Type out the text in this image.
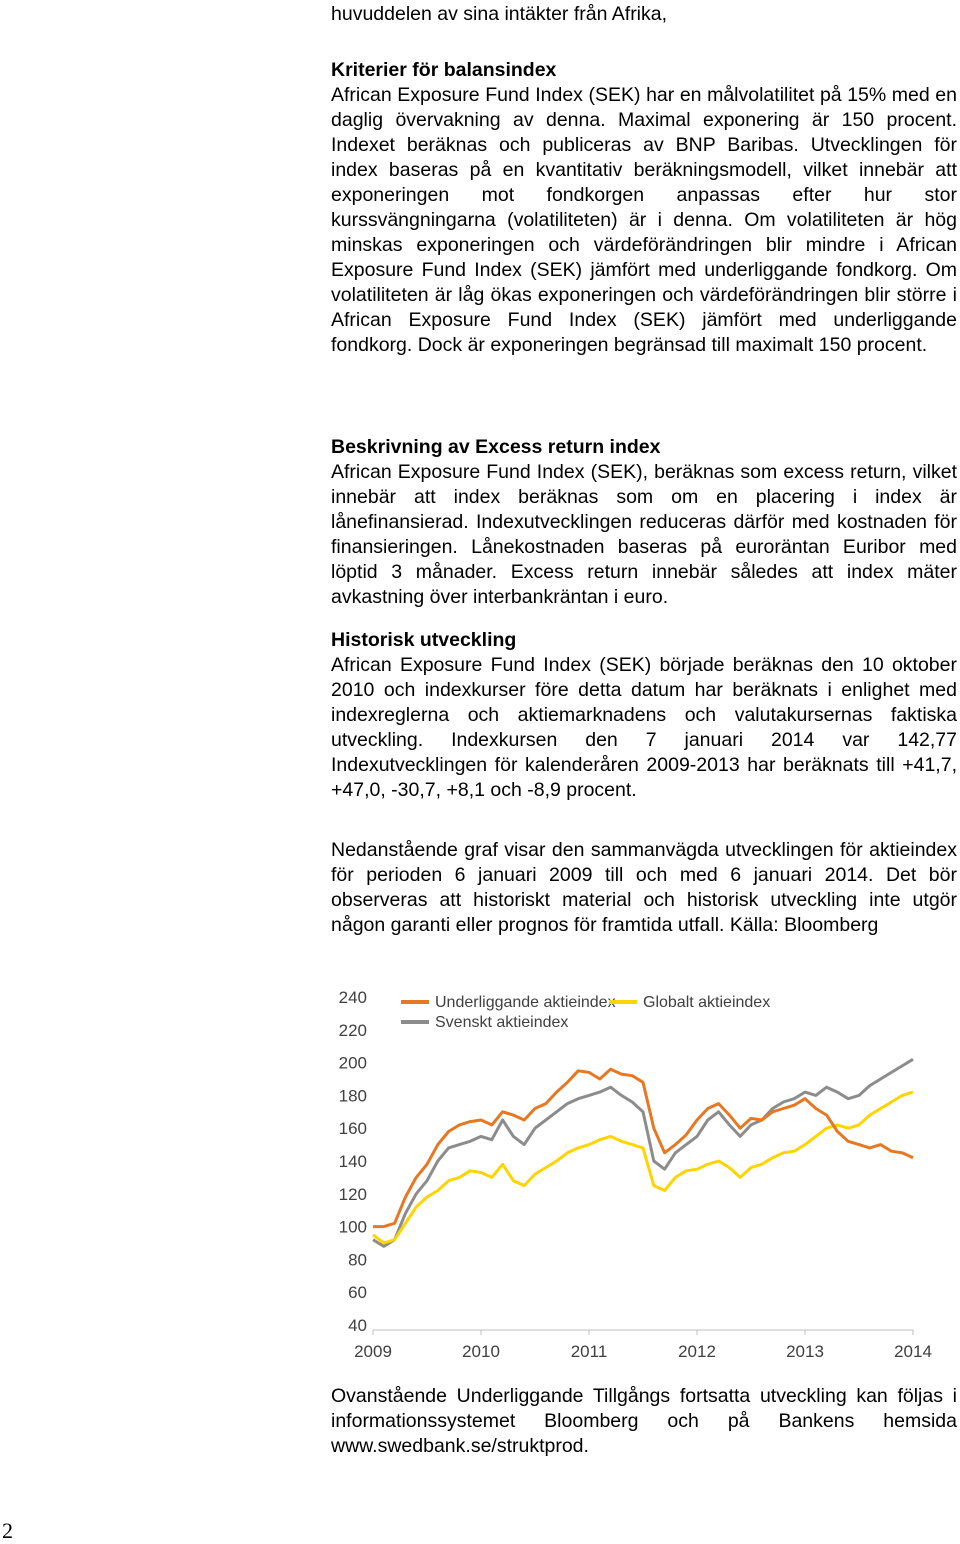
huvuddelen av sina intäkter från Afrika,

Kriterier för balansindex

African Exposure Fund Index (SEK) har en målvolatilitet på 15% med en daglig övervakning av denna. Maximal exponering är 150 procent. Indexet beräknas och publiceras av BNP Baribas. Utvecklingen för index baseras på en kvantitativ beräkningsmodell, vilket innebär att exponeringen mot fondkorgen anpassas efter hur stor kurssvängningarna (volatiliteten) är i denna. Om volatiliteten är hög minskas exponeringen och värdeförändringen blir mindre i African Exposure Fund Index (SEK) jämfört med underliggande fondkorg. Om volatiliteten är låg ökas exponeringen och värdeförändringen blir större i African Exposure Fund Index (SEK) jämfört med underliggande fondkorg. Dock är exponeringen begränsad till maximalt 150 procent.

Beskrivning av Excess return index

African Exposure Fund Index (SEK), beräknas som excess return, vilket innebär att index beräknas som om en placering i index är lånefinansierad. Indexutvecklingen reduceras därför med kostnaden för finansieringen. Lånekostnaden baseras på euroräntan Euribor med löptid 3 månader. Excess return innebär således att index mäter avkastning över interbankräntan i euro.

Historisk utveckling

African Exposure Fund Index (SEK) började beräknas den 10 oktober 2010 och indexkurser före detta datum har beräknats i enlighet med indexreglerna och aktiemarknadens och valutakursernas faktiska utveckling. Indexkursen den 7 januari 2014 var 142,77 Indexutvecklingen för kalenderåren 2009-2013 har beräknats till +41,7, +47,0, -30,7, +8,1 och -8,9 procent.

Nedanstående graf visar den sammanvägda utvecklingen för aktieindex för perioden 6 januari 2009 till och med 6 januari 2014. Det bör observeras att historiskt material och historisk utveckling inte utgör någon garanti eller prognos för framtida utfall. Källa: Bloomberg

240
220
200
180
160
140
120
100
80
60
40
2009	2010	2011	2012	2013	2014
Underliggande aktieindex Globalt aktieindex
Svenskt aktieindex

Ovanstående Underliggande Tillgångs fortsatta utveckling kan följas i informationssystemet Bloomberg och på Bankens hemsida www.swedbank.se/struktprod.

2
